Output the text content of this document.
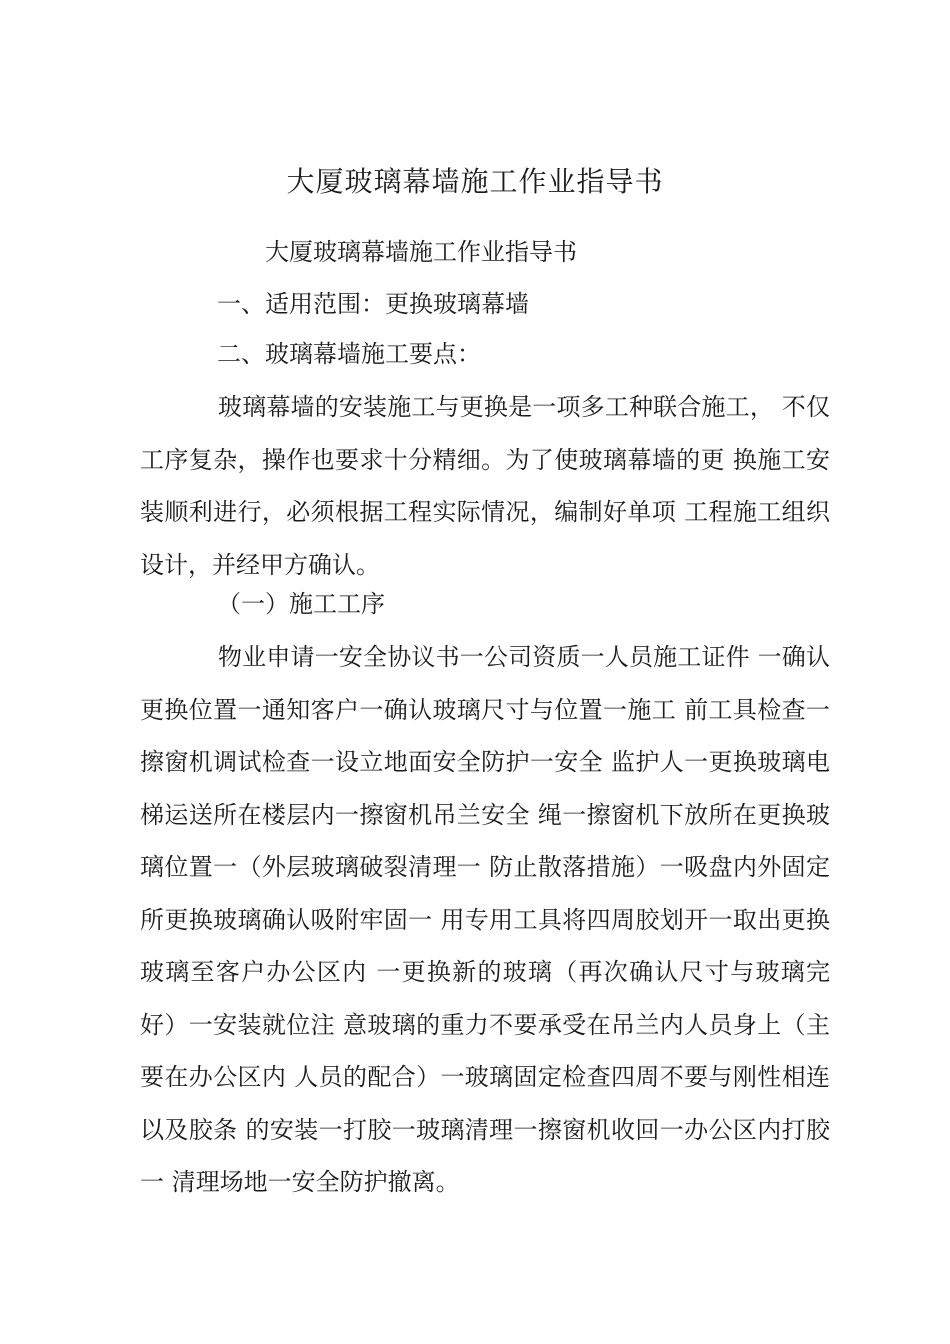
大厦玻璃幕墙施工作业指导书

大厦玻璃幕墙施工作业指导书

一、适用范围：更换玻璃幕墙

二、玻璃幕墙施工要点：

玻璃幕墙的安装施工与更换是一项多工种联合施工， 不仅工序复杂，操作也要求十分精细。为了使玻璃幕墙的更 换施工安装顺利进行，必须根据工程实际情况，编制好单项 工程施工组织设计，并经甲方确认。

（一）施工工序

物业申请一安全协议书一公司资质一人员施工证件 一确认更换位置一通知客户一确认玻璃尺寸与位置一施工 前工具检查一擦窗机调试检查一设立地面安全防护一安全 监护人一更换玻璃电梯运送所在楼层内一擦窗机吊兰安全 绳一擦窗机下放所在更换玻璃位置一（外层玻璃破裂清理一 防止散落措施）一吸盘内外固定所更换玻璃确认吸附牢固一 用专用工具将四周胶划开一取出更换玻璃至客户办公区内 一更换新的玻璃（再次确认尺寸与玻璃完好）一安装就位注 意玻璃的重力不要承受在吊兰内人员身上（主要在办公区内 人员的配合）一玻璃固定检查四周不要与刚性相连以及胶条 的安装一打胶一玻璃清理一擦窗机收回一办公区内打胶一 清理场地一安全防护撤离。
